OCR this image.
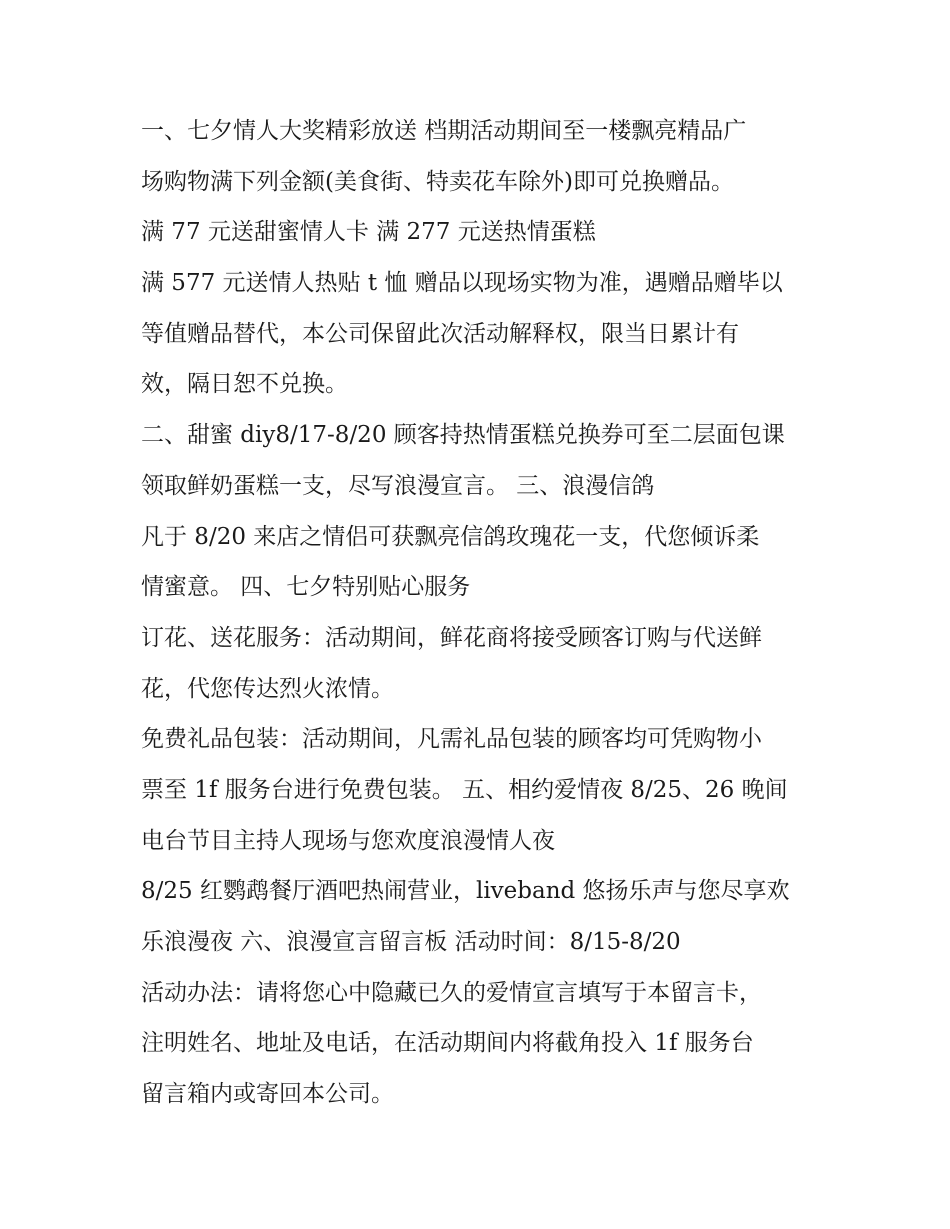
一、七夕情人大奖精彩放送 档期活动期间至一楼飘亮精品广
场购物满下列金额(美食街、特卖花车除外)即可兑换赠品。
满 77 元送甜蜜情人卡 满 277 元送热情蛋糕
满 577 元送情人热贴 t 恤 赠品以现场实物为准，遇赠品赠毕以
等值赠品替代，本公司保留此次活动解释权，限当日累计有
效，隔日恕不兑换。
二、甜蜜 diy8/17-8/20 顾客持热情蛋糕兑换券可至二层面包课
领取鲜奶蛋糕一支，尽写浪漫宣言。 三、浪漫信鸽
凡于 8/20 来店之情侣可获飘亮信鸽玫瑰花一支，代您倾诉柔
情蜜意。 四、七夕特别贴心服务
订花、送花服务：活动期间，鲜花商将接受顾客订购与代送鲜
花，代您传达烈火浓情。
免费礼品包装：活动期间，凡需礼品包装的顾客均可凭购物小
票至 1f 服务台进行免费包装。 五、相约爱情夜 8/25、26 晚间
电台节目主持人现场与您欢度浪漫情人夜
8/25 红鹦鹉餐厅酒吧热闹营业，liveband 悠扬乐声与您尽享欢
乐浪漫夜 六、浪漫宣言留言板 活动时间：8/15-8/20
活动办法：请将您心中隐藏已久的爱情宣言填写于本留言卡，
注明姓名、地址及电话，在活动期间内将截角投入 1f 服务台
留言箱内或寄回本公司。
